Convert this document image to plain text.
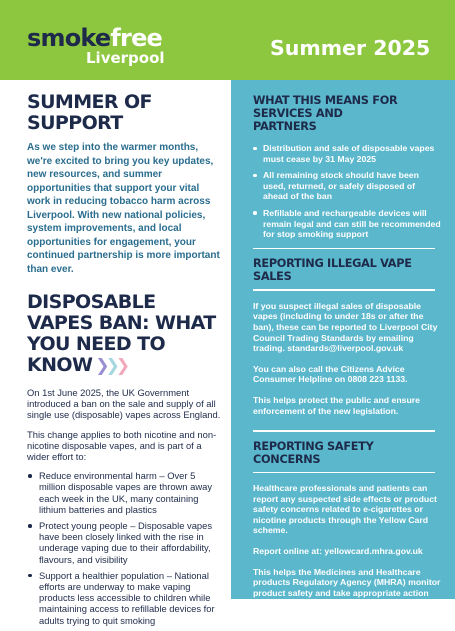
smokefree
Liverpool	Summer 2025
SUMMER OF SUPPORT

As we step into the warmer months, we're excited to bring you key updates, new resources, and summer opportunities that support your vital work in reducing tobacco harm across Liverpool. With new national policies, system improvements, and local opportunities for engagement, your continued partnership is more important than ever.

DISPOSABLE VAPES BAN: WHAT YOU NEED TO KNOW ❯❯❯

On 1st June 2025, the UK Government introduced a ban on the sale and supply of all single use (disposable) vapes across England.

This change applies to both nicotine and non-nicotine disposable vapes, and is part of a wider effort to:

Reduce environmental harm – Over 5 million disposable vapes are thrown away each week in the UK, many containing lithium batteries and plastics
Protect young people – Disposable vapes have been closely linked with the rise in underage vaping due to their affordability, flavours, and visibility
Support a healthier population – National efforts are underway to make vaping products less accessible to children while maintaining access to refillable devices for adults trying to quit smoking
WHAT THIS MEANS FOR SERVICES AND PARTNERS
Distribution and sale of disposable vapes must cease by 31 May 2025
All remaining stock should have been used, returned, or safely disposed of ahead of the ban
Refillable and rechargeable devices will remain legal and can still be recommended for stop smoking support
REPORTING ILLEGAL VAPE SALES

If you suspect illegal sales of disposable vapes (including to under 18s or after the ban), these can be reported to Liverpool City Council Trading Standards by emailing trading. standards@liverpool.gov.uk

You can also call the Citizens Advice Consumer Helpline on 0808 223 1133.

This helps protect the public and ensure enforcement of the new legislation.

REPORTING SAFETY CONCERNS

Healthcare professionals and patients can report any suspected side effects or product safety concerns related to e-cigarettes or nicotine products through the Yellow Card scheme.

Report online at: yellowcard.mhra.gov.uk

This helps the Medicines and Healthcare products Regulatory Agency (MHRA) monitor product safety and take appropriate action where necessary.
